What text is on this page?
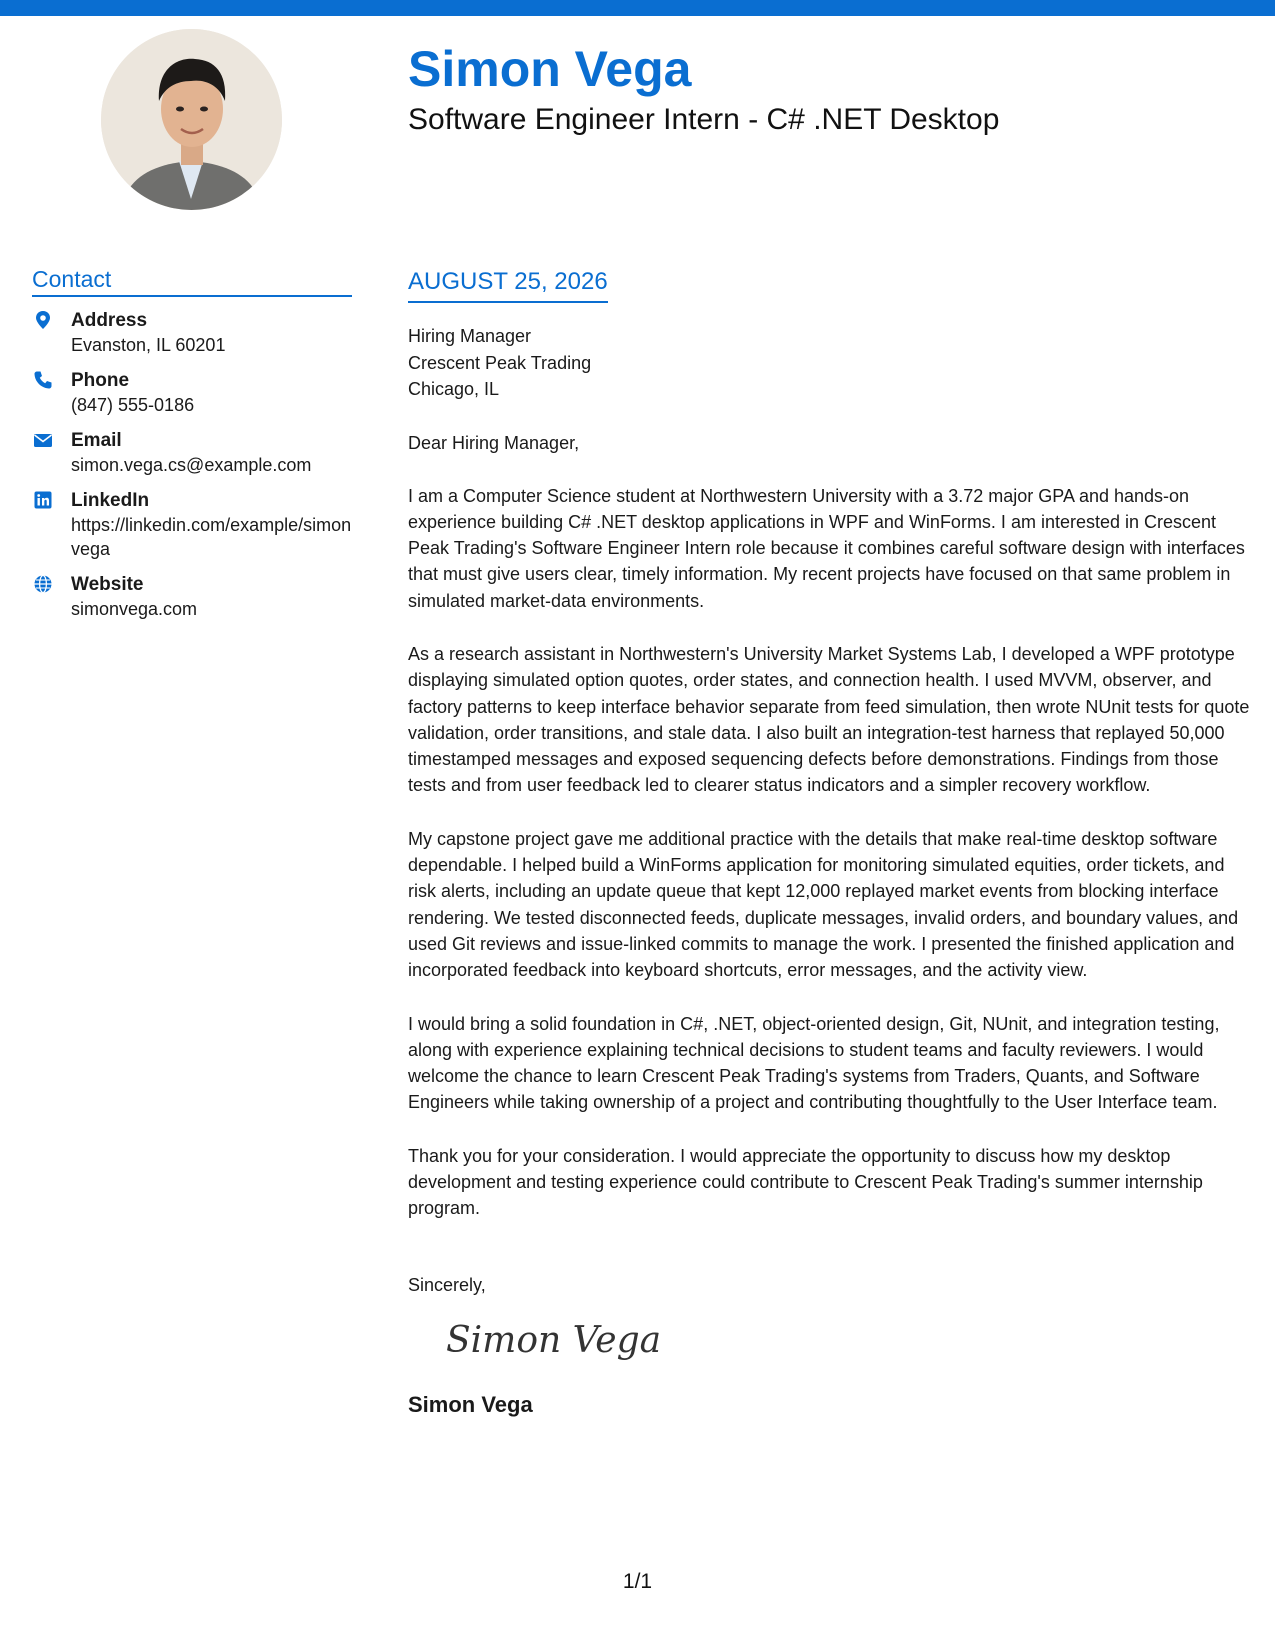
Simon Vega
Software Engineer Intern - C# .NET Desktop
Contact
Address
Evanston, IL 60201
Phone
(847) 555-0186
Email
simon.vega.cs@example.com
LinkedIn
https://linkedin.com/example/simonvega
Website
simonvega.com
AUGUST 25, 2026
Hiring Manager
Crescent Peak Trading
Chicago, IL
Dear Hiring Manager,

I am a Computer Science student at Northwestern University with a 3.72 major GPA and hands-on experience building C# .NET desktop applications in WPF and WinForms. I am interested in Crescent Peak Trading's Software Engineer Intern role because it combines careful software design with interfaces that must give users clear, timely information. My recent projects have focused on that same problem in simulated market-data environments.

As a research assistant in Northwestern's University Market Systems Lab, I developed a WPF prototype displaying simulated option quotes, order states, and connection health. I used MVVM, observer, and factory patterns to keep interface behavior separate from feed simulation, then wrote NUnit tests for quote validation, order transitions, and stale data. I also built an integration-test harness that replayed 50,000 timestamped messages and exposed sequencing defects before demonstrations. Findings from those tests and from user feedback led to clearer status indicators and a simpler recovery workflow.

My capstone project gave me additional practice with the details that make real-time desktop software dependable. I helped build a WinForms application for monitoring simulated equities, order tickets, and risk alerts, including an update queue that kept 12,000 replayed market events from blocking interface rendering. We tested disconnected feeds, duplicate messages, invalid orders, and boundary values, and used Git reviews and issue-linked commits to manage the work. I presented the finished application and incorporated feedback into keyboard shortcuts, error messages, and the activity view.

I would bring a solid foundation in C#, .NET, object-oriented design, Git, NUnit, and integration testing, along with experience explaining technical decisions to student teams and faculty reviewers. I would welcome the chance to learn Crescent Peak Trading's systems from Traders, Quants, and Software Engineers while taking ownership of a project and contributing thoughtfully to the User Interface team.

Thank you for your consideration. I would appreciate the opportunity to discuss how my desktop development and testing experience could contribute to Crescent Peak Trading's summer internship program.

Sincerely,
Simon Vega
Simon Vega
1/1
